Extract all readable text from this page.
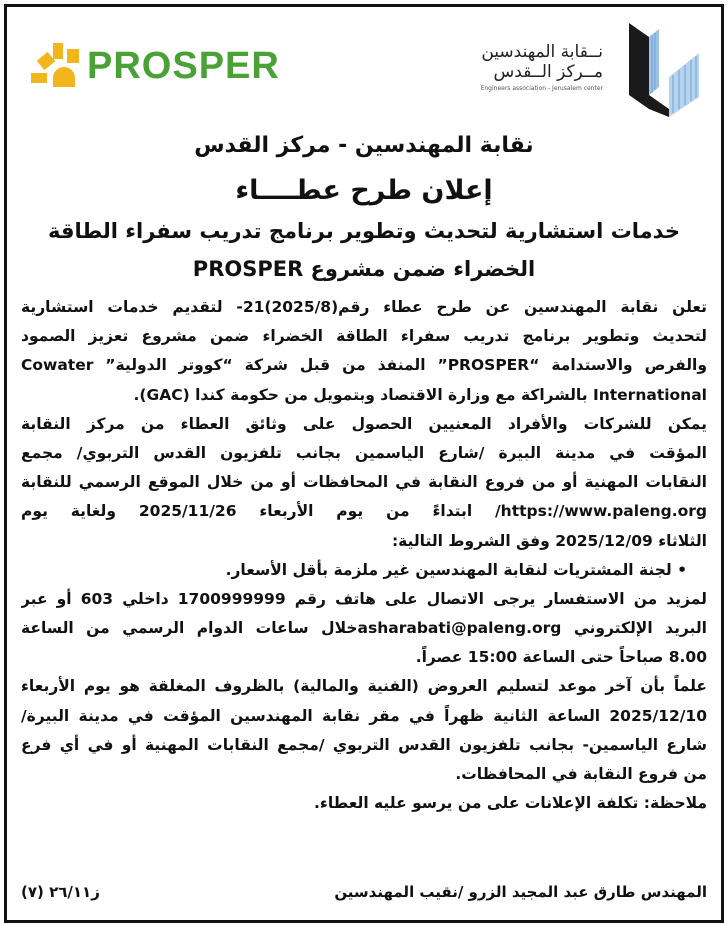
PROSPER	نــقابة المهندسين
مــركز الــقدس
Engineers association - Jerusalem center
نقابة المهندسين - مركز القدس
إعلان طرح عطــــاء
خدمات استشارية لتحديث وتطوير برنامج تدريب سفراء الطاقة
الخضراء ضمن مشروع PROSPER
تعلن نقابة المهندسين عن طرح عطاء رقم(2025/8)21- لتقديم خدمات استشارية
لتحديث وتطوير برنامج تدريب سفراء الطاقة الخضراء ضمن مشروع تعزيز الصمود
والفرص والاستدامة “PROSPER” المنفذ من قبل شركة “كووتر الدولية” Cowater
International بالشراكة مع وزارة الاقتصاد وبتمويل من حكومة كندا (GAC).
يمكن للشركات والأفراد المعنيين الحصول على وثائق العطاء من مركز النقابة
المؤقت في مدينة البيرة /شارع الياسمين بجانب تلفزيون القدس التربوي/ مجمع
النقابات المهنية أو من فروع النقابة في المحافظات أو من خلال الموقع الرسمي للنقابة
https://www.paleng.org/ ابتداءً من يوم الأربعاء 2025/11/26 ولغاية يوم
الثلاثاء 2025/12/09 وفق الشروط التالية:
• لجنة المشتريات لنقابة المهندسين غير ملزمة بأقل الأسعار.
لمزيد من الاستفسار يرجى الاتصال على هاتف رقم 1700999999 داخلي 603 أو عبر
البريد الإلكتروني asharabati@paleng.orgخلال ساعات الدوام الرسمي من الساعة
8.00 صباحاً حتى الساعة 15:00 عصراً.
علماً بأن آخر موعد لتسليم العروض (الفنية والمالية) بالظروف المغلقة هو يوم الأربعاء
2025/12/10 الساعة الثانية ظهراً في مقر نقابة المهندسين المؤقت في مدينة البيرة/
شارع الياسمين- بجانب تلفزيون القدس التربوي /مجمع النقابات المهنية أو في أي فرع
من فروع النقابة في المحافظات.
ملاحظة: تكلفة الإعلانات على من يرسو عليه العطاء.
المهندس طارق عبد المجيد الزرو /نقيب المهندسين
ز٢٦/١١ (٧)
